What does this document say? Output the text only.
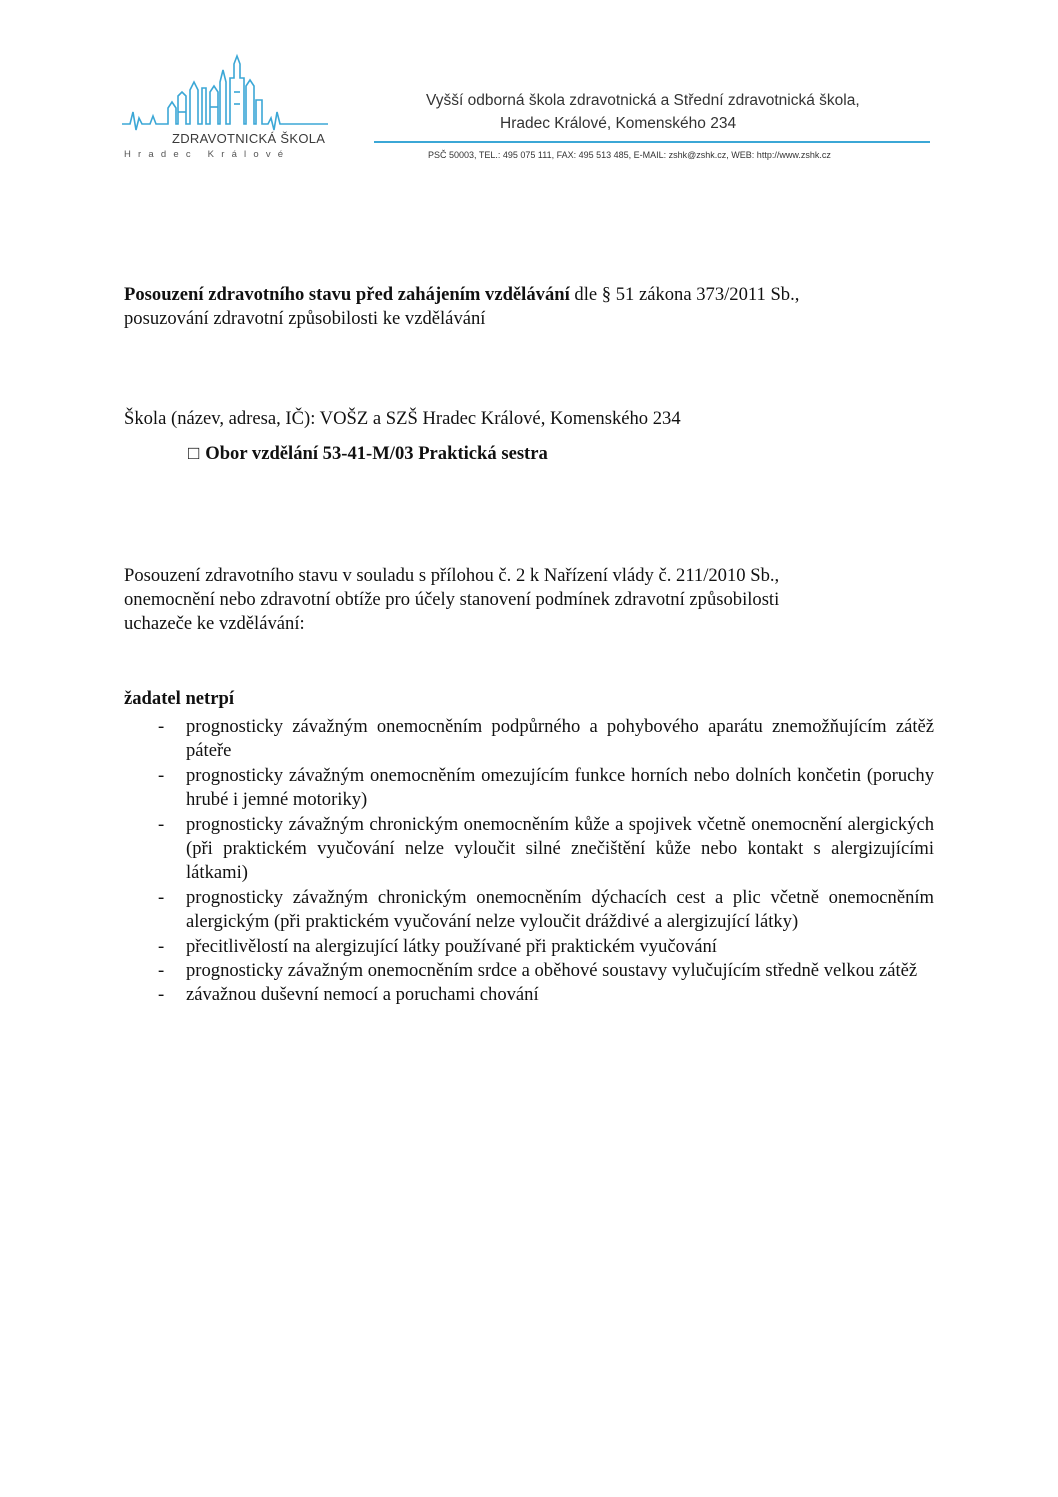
ZDRAVOTNICKÁ ŠKOLA
Hradec Králové
Vyšší odborná škola zdravotnická a Střední zdravotnická škola,
Hradec Králové, Komenského 234
PSČ 50003, TEL.: 495 075 111, FAX: 495 513 485, E-MAIL: zshk@zshk.cz, WEB: http://www.zshk.cz
Posouzení zdravotního stavu před zahájením vzdělávání dle § 51 zákona 373/2011 Sb.,
posuzování zdravotní způsobilosti ke vzdělávání
Škola (název, adresa, IČ): VOŠZ a SZŠ Hradec Králové, Komenského 234
□ Obor vzdělání 53-41-M/03 Praktická sestra
Posouzení zdravotního stavu v souladu s přílohou č. 2 k Nařízení vlády č. 211/2010 Sb.,
onemocnění nebo zdravotní obtíže pro účely stanovení podmínek zdravotní způsobilosti
uchazeče ke vzdělávání:
žadatel netrpí
- prognosticky závažným onemocněním podpůrného a pohybového aparátu znemožňujícím zátěž páteře
- prognosticky závažným onemocněním omezujícím funkce horních nebo dolních končetin (poruchy hrubé i jemné motoriky)
- prognosticky závažným chronickým onemocněním kůže a spojivek včetně onemocnění alergických (při praktickém vyučování nelze vyloučit silné znečištění kůže nebo kontakt s alergizujícími látkami)
- prognosticky závažným chronickým onemocněním dýchacích cest a plic včetně onemocněním alergickým (při praktickém vyučování nelze vyloučit dráždivé a alergizující látky)
- přecitlivělostí na alergizující látky používané při praktickém vyučování
- prognosticky závažným onemocněním srdce a oběhové soustavy vylučujícím středně velkou zátěž
- závažnou duševní nemocí a poruchami chování
